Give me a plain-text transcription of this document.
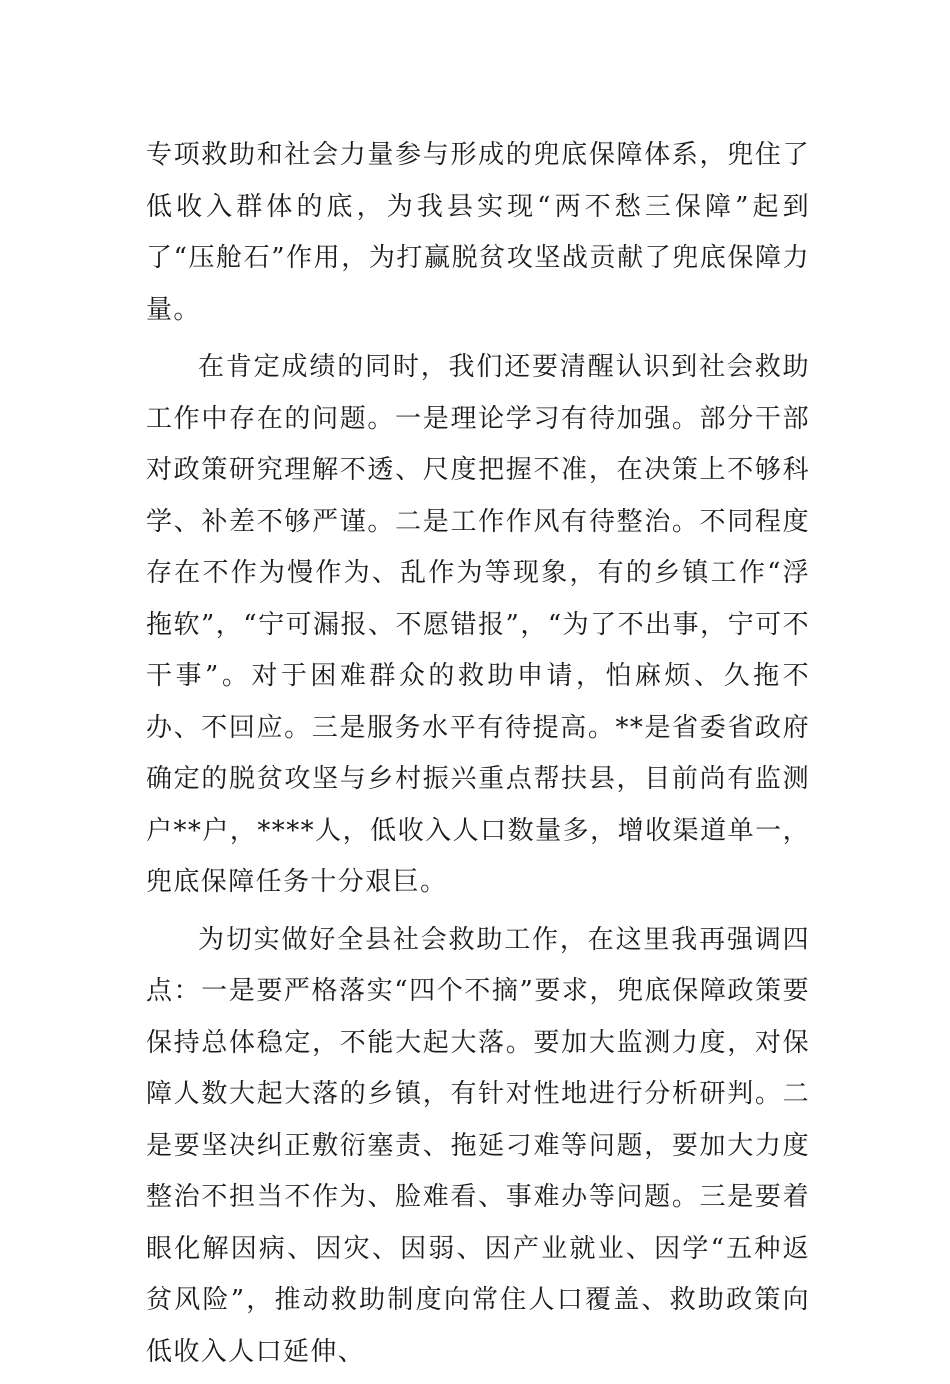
专项救助和社会力量参与形成的兜底保障体系，兜住了低收入群体的底，为我县实现“两不愁三保障”起到了“压舱石”作用，为打赢脱贫攻坚战贡献了兜底保障力量。

在肯定成绩的同时，我们还要清醒认识到社会救助工作中存在的问题。一是理论学习有待加强。部分干部对政策研究理解不透、尺度把握不准，在决策上不够科学、补差不够严谨。二是工作作风有待整治。不同程度存在不作为慢作为、乱作为等现象，有的乡镇工作“浮拖软”，“宁可漏报、不愿错报”，“为了不出事，宁可不干事”。对于困难群众的救助申请，怕麻烦、久拖不办、不回应。三是服务水平有待提高。**是省委省政府确定的脱贫攻坚与乡村振兴重点帮扶县，目前尚有监测户**户，****人，低收入人口数量多，增收渠道单一，兜底保障任务十分艰巨。

为切实做好全县社会救助工作，在这里我再强调四点：一是要严格落实“四个不摘”要求，兜底保障政策要保持总体稳定，不能大起大落。要加大监测力度，对保障人数大起大落的乡镇，有针对性地进行分析研判。二是要坚决纠正敷衍塞责、拖延刁难等问题，要加大力度整治不担当不作为、脸难看、事难办等问题。三是要着眼化解因病、因灾、因弱、因产业就业、因学“五种返贫风险”，推动救助制度向常住人口覆盖、救助政策向低收入人口延伸、
